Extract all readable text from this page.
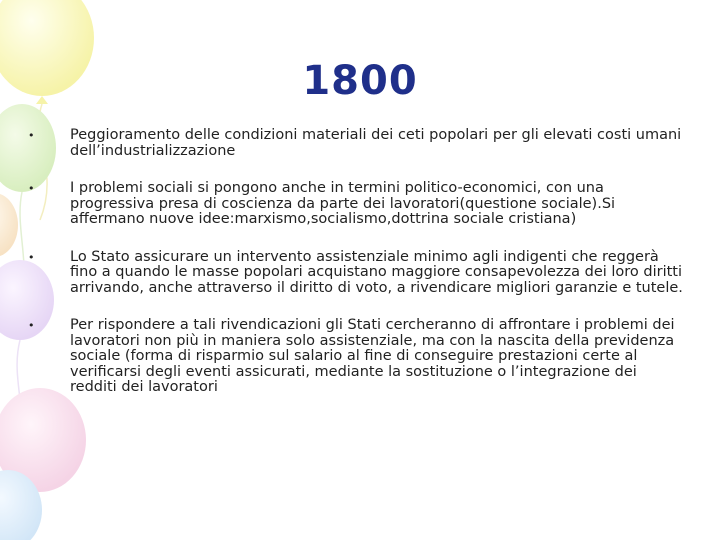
1800
• Peggioramento delle condizioni materiali dei ceti popolari per gli elevati costi umani dell’industrializzazione
• I problemi sociali si pongono anche in termini politico-economici, con una progressiva presa di coscienza da parte dei lavoratori(questione sociale).Si affermano nuove idee:marxismo,socialismo,dottrina sociale cristiana)
• Lo Stato assicurare un intervento assistenziale minimo agli indigenti che reggerà fino a quando le masse popolari acquistano maggiore consapevolezza dei loro diritti arrivando, anche attraverso il diritto di voto, a rivendicare migliori garanzie e tutele.
• Per rispondere a tali rivendicazioni gli Stati cercheranno di affrontare i problemi dei lavoratori non più in maniera solo assistenziale, ma con la nascita della previdenza sociale (forma di risparmio sul salario al fine di conseguire prestazioni certe al verificarsi degli eventi assicurati, mediante la sostituzione o l’integrazione dei redditi dei lavoratori
